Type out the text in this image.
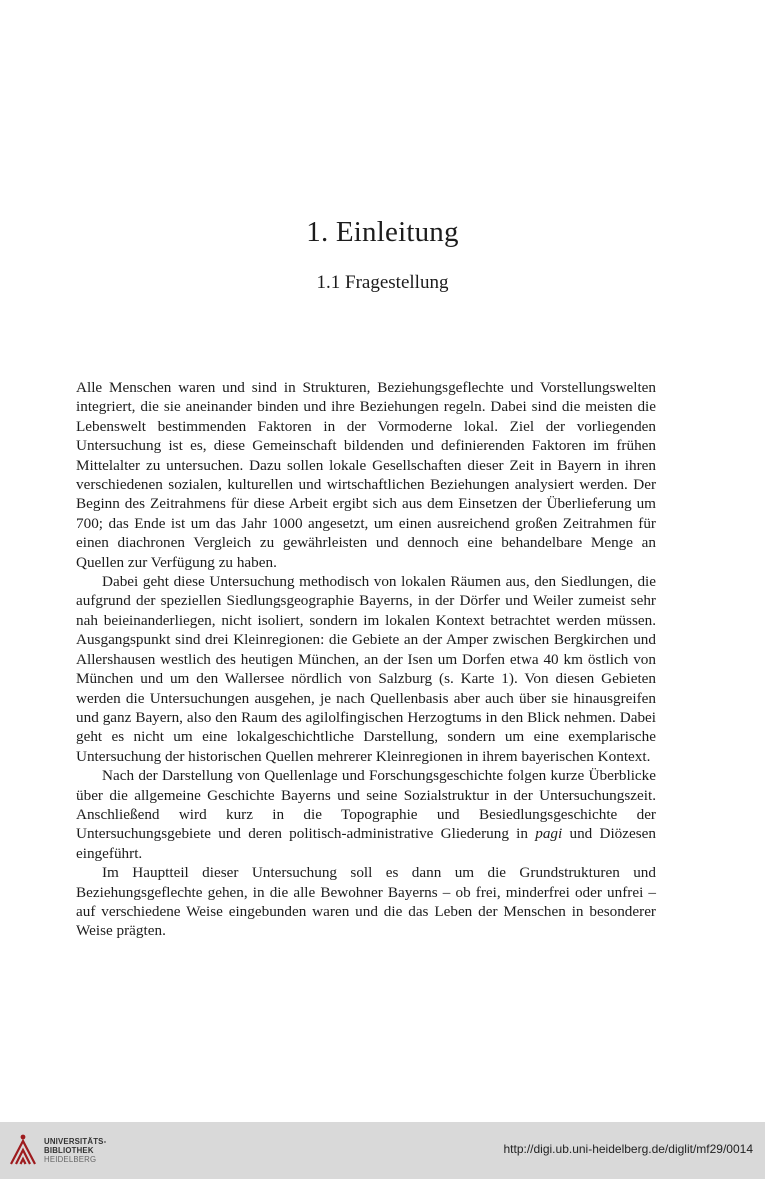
1. Einleitung
1.1 Fragestellung

Alle Menschen waren und sind in Strukturen, Beziehungsgeflechte und Vorstellungswelten integriert, die sie aneinander binden und ihre Beziehungen regeln. Dabei sind die meisten die Lebenswelt bestimmenden Faktoren in der Vormoderne lokal. Ziel der vorliegenden Untersuchung ist es, diese Gemeinschaft bildenden und definierenden Faktoren im frühen Mittelalter zu untersuchen. Dazu sollen lokale Gesellschaften dieser Zeit in Bayern in ihren verschiedenen sozialen, kulturellen und wirtschaftlichen Beziehungen analysiert werden. Der Beginn des Zeitrahmens für diese Arbeit ergibt sich aus dem Einsetzen der Überlieferung um 700; das Ende ist um das Jahr 1000 angesetzt, um einen ausreichend großen Zeitrahmen für einen diachronen Vergleich zu gewährleisten und dennoch eine behandelbare Menge an Quellen zur Verfügung zu haben.

Dabei geht diese Untersuchung methodisch von lokalen Räumen aus, den Siedlungen, die aufgrund der speziellen Siedlungsgeographie Bayerns, in der Dörfer und Weiler zumeist sehr nah beieinanderliegen, nicht isoliert, sondern im lokalen Kontext betrachtet werden müssen. Ausgangspunkt sind drei Kleinregionen: die Gebiete an der Amper zwischen Bergkirchen und Allershausen westlich des heutigen München, an der Isen um Dorfen etwa 40 km östlich von München und um den Wallersee nördlich von Salzburg (s. Karte 1). Von diesen Gebieten werden die Untersuchungen ausgehen, je nach Quellenbasis aber auch über sie hinausgreifen und ganz Bayern, also den Raum des agilolfingischen Herzogtums in den Blick nehmen. Dabei geht es nicht um eine lokalgeschichtliche Darstellung, sondern um eine exemplarische Untersuchung der historischen Quellen mehrerer Kleinregionen in ihrem bayerischen Kontext.

Nach der Darstellung von Quellenlage und Forschungsgeschichte folgen kurze Überblicke über die allgemeine Geschichte Bayerns und seine Sozialstruktur in der Untersuchungszeit. Anschließend wird kurz in die Topographie und Besiedlungsgeschichte der Untersuchungsgebiete und deren politisch-administrative Gliederung in pagi und Diözesen eingeführt.

Im Hauptteil dieser Untersuchung soll es dann um die Grundstrukturen und Beziehungsgeflechte gehen, in die alle Bewohner Bayerns – ob frei, minderfrei oder unfrei – auf verschiedene Weise eingebunden waren und die das Leben der Menschen in besonderer Weise prägten.

UNIVERSITÄTS-
BIBLIOTHEK
HEIDELBERG
http://digi.ub.uni-heidelberg.de/diglit/mf29/0014
